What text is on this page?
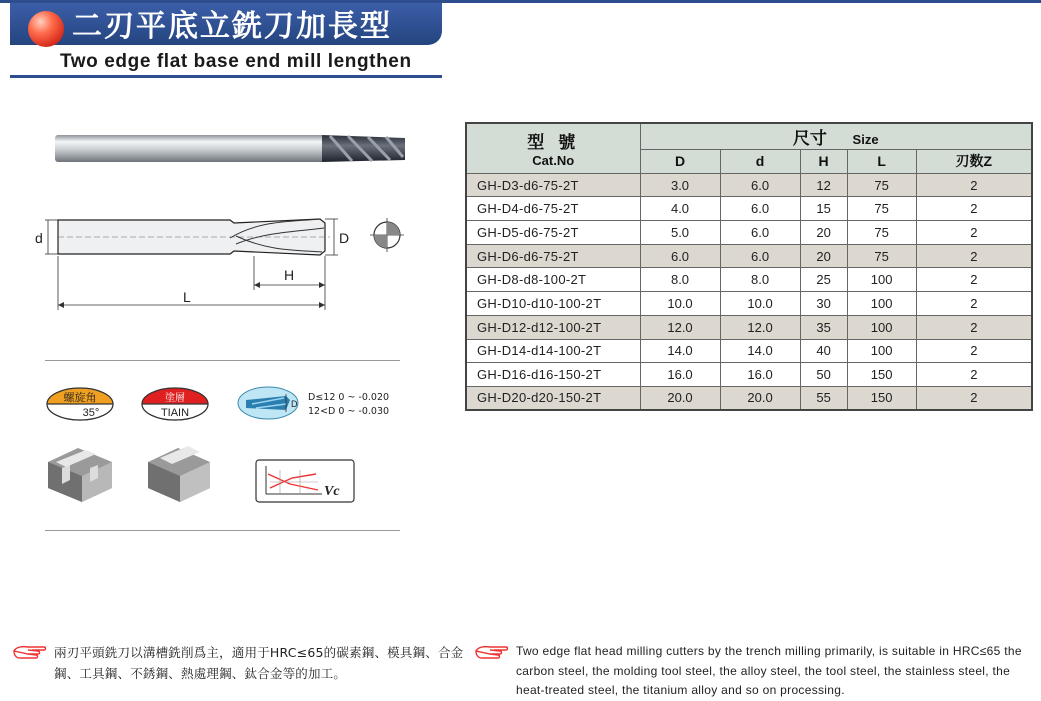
二刃平底立銑刀加長型
Two edge flat base end mill lengthen
d	D
H
L
螺旋角
35°
塗層
TIAIN
D
D≤12 0 ~ -0.020
12<D 0 ~ -0.030
Vc
型 號
Cat.No	尺寸 Size				
	D	d	H	L	刃数Z
GH-D3-d6-75-2T	3.0	6.0	12	75	2
GH-D4-d6-75-2T	4.0	6.0	15	75	2
GH-D5-d6-75-2T	5.0	6.0	20	75	2
GH-D6-d6-75-2T	6.0	6.0	20	75	2
GH-D8-d8-100-2T	8.0	8.0	25	100	2
GH-D10-d10-100-2T	10.0	10.0	30	100	2
GH-D12-d12-100-2T	12.0	12.0	35	100	2
GH-D14-d14-100-2T	14.0	14.0	40	100	2
GH-D16-d16-150-2T	16.0	16.0	50	150	2
GH-D20-d20-150-2T	20.0	20.0	55	150	2
兩刃平頭銑刀以溝槽銑削爲主，適用于HRC≤65的碳素鋼、模具鋼、合金鋼、工具鋼、不銹鋼、熱處理鋼、鈦合金等的加工。
Two edge flat head milling cutters by the trench milling primarily, is suitable in HRC≤65 the carbon steel, the molding tool steel, the alloy steel, the tool steel, the stainless steel, the heat-treated steel, the titanium alloy and so on processing.
